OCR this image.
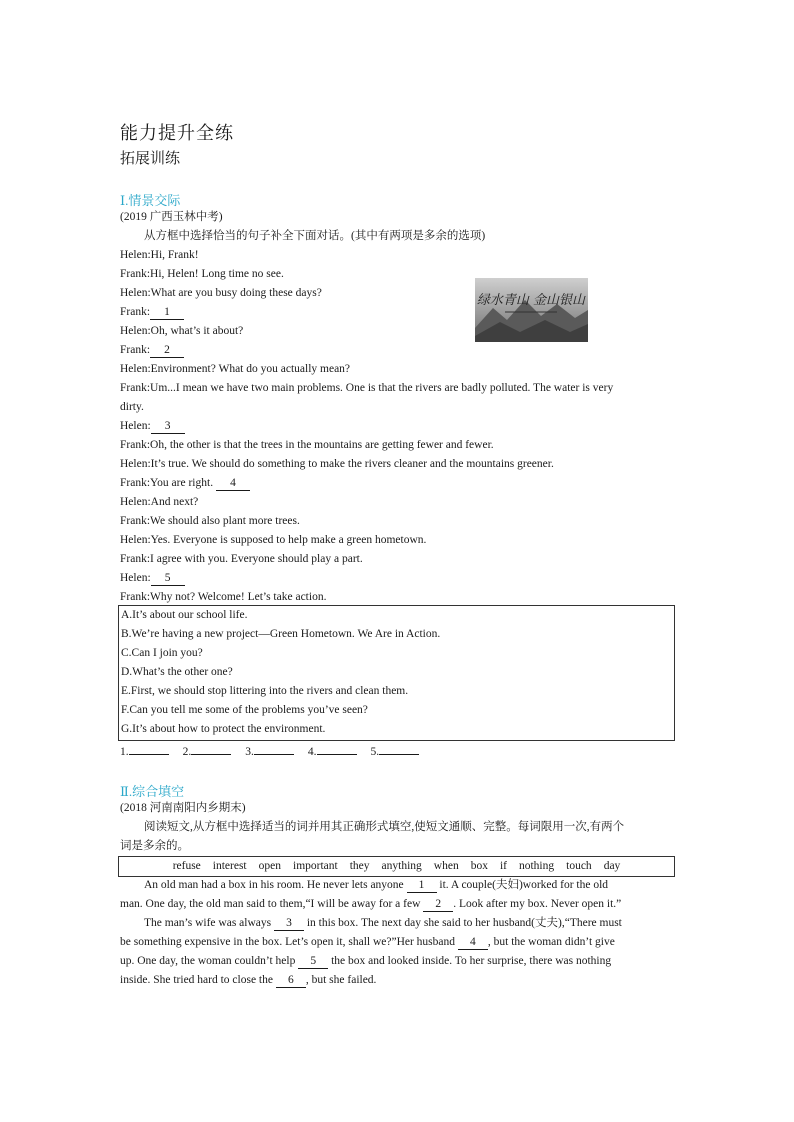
能力提升全练
拓展训练
Ⅰ.情景交际
(2019 广西玉林中考)
从方框中选择恰当的句子补全下面对话。(其中有两项是多余的选项)
Helen:Hi, Frank!
Frank:Hi, Helen! Long time no see.
Helen:What are you busy doing these days?
Frank: 1
Helen:Oh, what’s it about?
Frank: 2
Helen:Environment? What do you actually mean?
Frank:Um...I mean we have two main problems. One is that the rivers are badly polluted. The water is very
dirty.
Helen: 3
Frank:Oh, the other is that the trees in the mountains are getting fewer and fewer.
Helen:It’s true. We should do something to make the rivers cleaner and the mountains greener.
Frank:You are right. 4
Helen:And next?
Frank:We should also plant more trees.
Helen:Yes. Everyone is supposed to help make a green hometown.
Frank:I agree with you. Everyone should play a part.
Helen: 5
Frank:Why not? Welcome! Let’s take action.
绿水青山 金山银山
A.It’s about our school life.
B.We’re having a new project—Green Hometown. We Are in Action.
C.Can I join you?
D.What’s the other one?
E.First, we should stop littering into the rivers and clean them.
F.Can you tell me some of the problems you’ve seen?
G.It’s about how to protect the environment.
1.	2.	3.	4.	5.
Ⅱ.综合填空
(2018 河南南阳内乡期末)
阅读短文,从方框中选择适当的词并用其正确形式填空,使短文通顺、完整。每词限用一次,有两个
词是多余的。
refuse interest open important they anything when box if nothing touch day
An old man had a box in his room. He never lets anyone 1 it. A couple(夫妇)worked for the old
man. One day, the old man said to them,“I will be away for a few 2 . Look after my box. Never open it.”
The man’s wife was always 3 in this box. The next day she said to her husband(丈夫),“There must
be something expensive in the box. Let’s open it, shall we?”Her husband 4 , but the woman didn’t give
up. One day, the woman couldn’t help 5 the box and looked inside. To her surprise, there was nothing
inside. She tried hard to close the 6 , but she failed.
